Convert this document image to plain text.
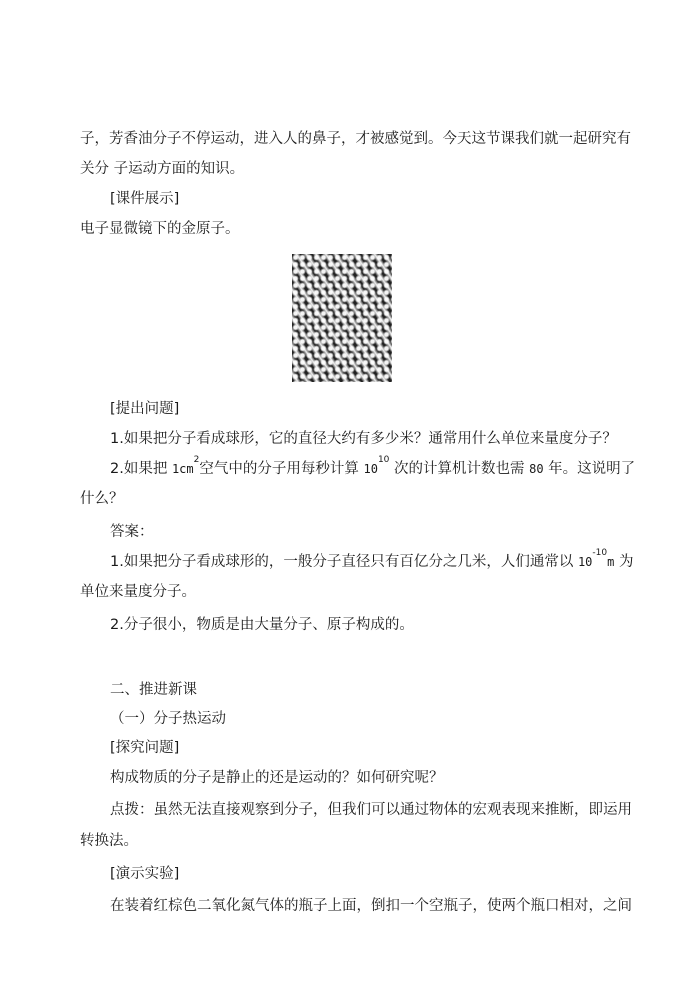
子，芳香油分子不停运动，进入人的鼻子，才被感觉到。今天这节课我们就一起研究有
关分 子运动方面的知识。
[课件展示]
电子显微镜下的金原子。
[提出问题]
1.如果把分子看成球形，它的直径大约有多少米？通常用什么单位来量度分子？
2.如果把 $1cm^2$空气中的分子用每秒计算 $10^{10}$ 次的计算机计数也需 80 年。这说明了
什么？
答案：
1.如果把分子看成球形的，一般分子直径只有百亿分之几米，人们通常以 $10^{-10}m$ 为
单位来量度分子。
2.分子很小，物质是由大量分子、原子构成的。
二、推进新课
（一）分子热运动
[探究问题]
构成物质的分子是静止的还是运动的？如何研究呢？
点拨：虽然无法直接观察到分子，但我们可以通过物体的宏观表现来推断，即运用
转换法。
[演示实验]
在装着红棕色二氧化氮气体的瓶子上面，倒扣一个空瓶子，使两个瓶口相对，之间
